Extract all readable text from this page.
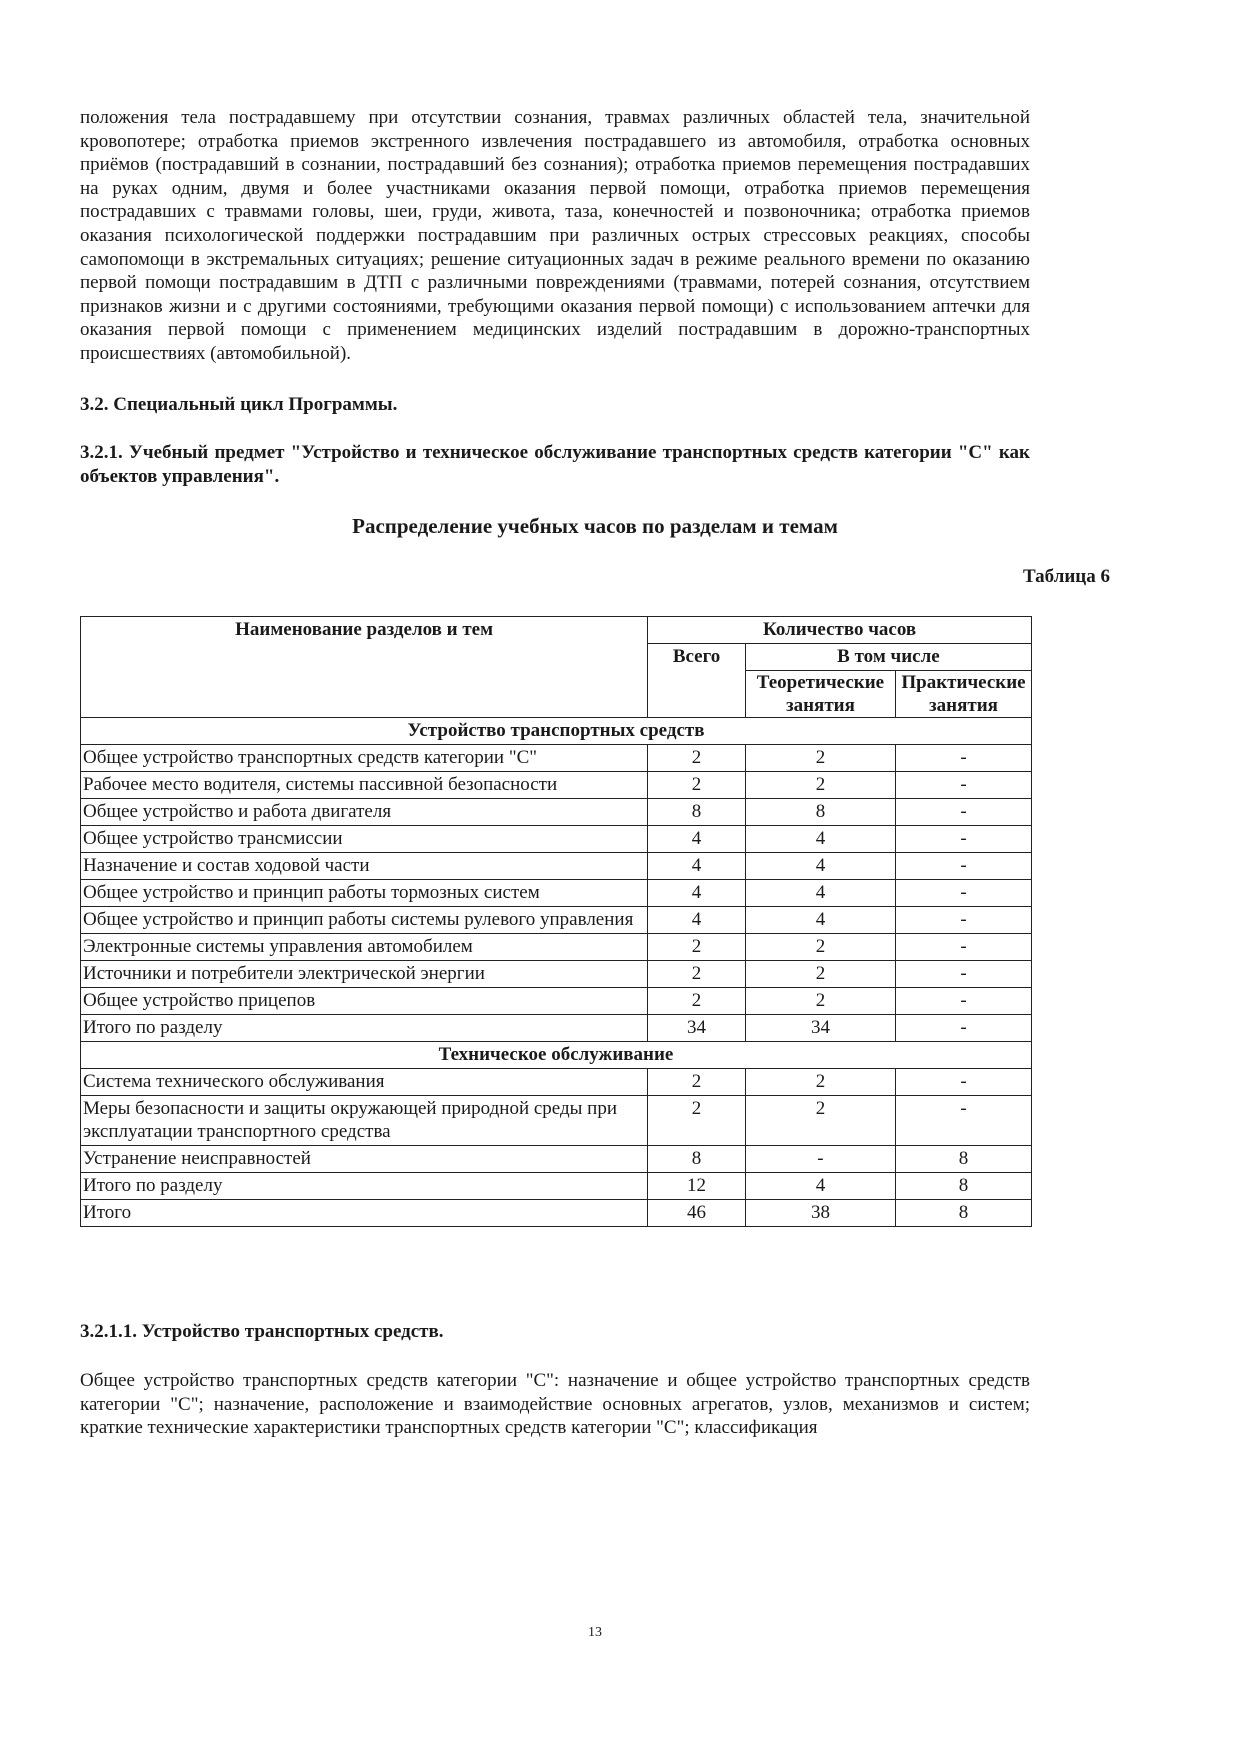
положения тела пострадавшему при отсутствии сознания, травмах различных областей тела, значительной кровопотере; отработка приемов экстренного извлечения пострадавшего из автомобиля, отработка основных приёмов (пострадавший в сознании, пострадавший без сознания); отработка приемов перемещения пострадавших на руках одним, двумя и более участниками оказания первой помощи, отработка приемов перемещения пострадавших с травмами головы, шеи, груди, живота, таза, конечностей и позвоночника; отработка приемов оказания психологической поддержки пострадавшим при различных острых стрессовых реакциях, способы самопомощи в экстремальных ситуациях; решение ситуационных задач в режиме реального времени по оказанию первой помощи пострадавшим в ДТП с различными повреждениями (травмами, потерей сознания, отсутствием признаков жизни и с другими состояниями, требующими оказания первой помощи) с использованием аптечки для оказания первой помощи с применением медицинских изделий пострадавшим в дорожно-транспортных происшествиях (автомобильной).

3.2. Специальный цикл Программы.

3.2.1. Учебный предмет "Устройство и техническое обслуживание транспортных средств категории "С" как объектов управления".

Распределение учебных часов по разделам и темам

Таблица 6

Наименование разделов и тем	Количество часов		
	Всего	В том числе	
		Теоретические занятия	Практические занятия
Устройство транспортных средств			
Общее устройство транспортных средств категории "С"	2	2	-
Рабочее место водителя, системы пассивной безопасности	2	2	-
Общее устройство и работа двигателя	8	8	-
Общее устройство трансмиссии	4	4	-
Назначение и состав ходовой части	4	4	-
Общее устройство и принцип работы тормозных систем	4	4	-
Общее устройство и принцип работы системы рулевого управления	4	4	-
Электронные системы управления автомобилем	2	2	-
Источники и потребители электрической энергии	2	2	-
Общее устройство прицепов	2	2	-
Итого по разделу	34	34	-
Техническое обслуживание			
Система технического обслуживания	2	2	-
Меры безопасности и защиты окружающей природной среды при эксплуатации транспортного средства	2	2	-
Устранение неисправностей	8	-	8
Итого по разделу	12	4	8
Итого	46	38	8

3.2.1.1. Устройство транспортных средств.

Общее устройство транспортных средств категории "С": назначение и общее устройство транспортных средств категории "С"; назначение, расположение и взаимодействие основных агрегатов, узлов, механизмов и систем; краткие технические характеристики транспортных средств категории "С"; классификация

13
